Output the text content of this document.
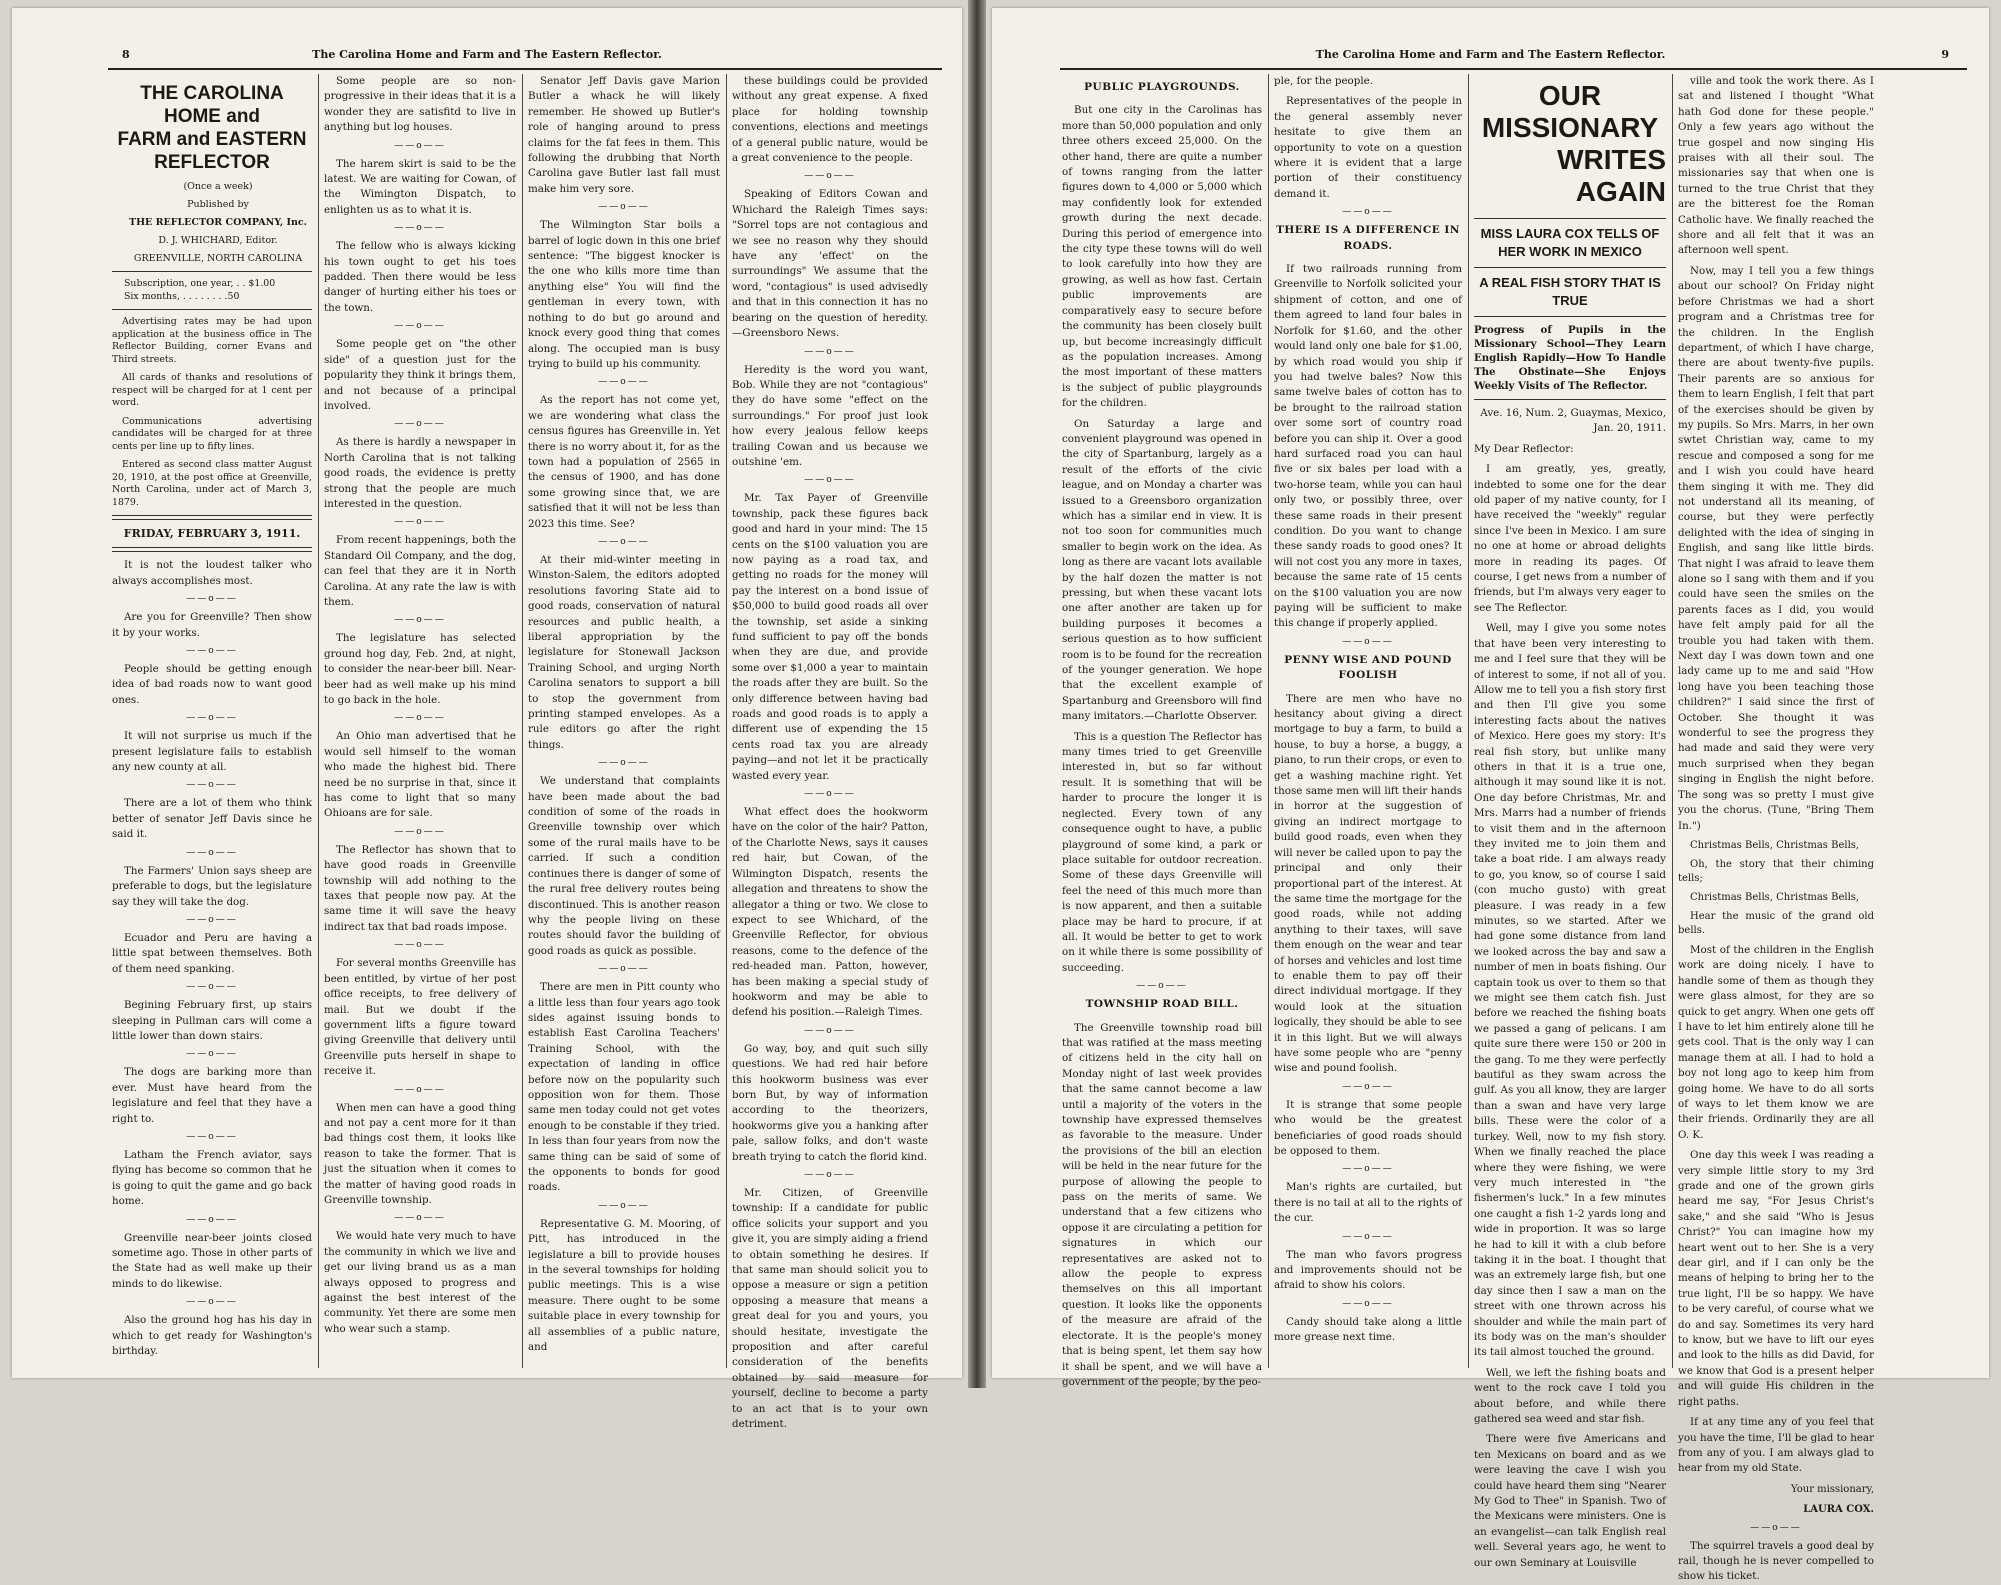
8	The Carolina Home and Farm and The Eastern Reflector.
THE CAROLINA HOME and
FARM and EASTERN
REFLECTOR

(Once a week)

Published by

THE REFLECTOR COMPANY, Inc.

D. J. WHICHARD, Editor.

GREENVILLE, NORTH CAROLINA

Subscription, one year, . . $1.00

Six months, . . . . . . . .50

Advertising rates may be had upon application at the business office in The Reflector Building, corner Evans and Third streets.

All cards of thanks and resolutions of respect will be charged for at 1 cent per word.

Communications advertising candidates will be charged for at three cents per line up to fifty lines.

Entered as second class matter August 20, 1910, at the post office at Greenville, North Carolina, under act of March 3, 1879.

FRIDAY, FEBRUARY 3, 1911.

It is not the loudest talker who always accomplishes most.

——o——

Are you for Greenville? Then show it by your works.

——o——

People should be getting enough idea of bad roads now to want good ones.

——o——

It will not surprise us much if the present legislature fails to establish any new county at all.

——o——

There are a lot of them who think better of senator Jeff Davis since he said it.

——o——

The Farmers' Union says sheep are preferable to dogs, but the legislature say they will take the dog.

——o——

Ecuador and Peru are having a little spat between themselves. Both of them need spanking.

——o——

Begining February first, up stairs sleeping in Pullman cars will come a little lower than down stairs.

——o——

The dogs are barking more than ever. Must have heard from the legislature and feel that they have a right to.

——o——

Latham the French aviator, says flying has become so common that he is going to quit the game and go back home.

——o——

Greenville near-beer joints closed sometime ago. Those in other parts of the State had as well make up their minds to do likewise.

——o——

Also the ground hog has his day in which to get ready for Washington's birthday.

Some people are so non-progressive in their ideas that it is a wonder they are satisfitd to live in anything but log houses.

——o——

The harem skirt is said to be the latest. We are waiting for Cowan, of the Wimington Dispatch, to enlighten us as to what it is.

——o——

The fellow who is always kicking his town ought to get his toes padded. Then there would be less danger of hurting either his toes or the town.

——o——

Some people get on "the other side" of a question just for the popularity they think it brings them, and not because of a principal involved.

——o——

As there is hardly a newspaper in North Carolina that is not talking good roads, the evidence is pretty strong that the people are much interested in the question.

——o——

From recent happenings, both the Standard Oil Company, and the dog, can feel that they are it in North Carolina. At any rate the law is with them.

——o——

The legislature has selected ground hog day, Feb. 2nd, at night, to consider the near-beer bill. Near-beer had as well make up his mind to go back in the hole.

——o——

An Ohio man advertised that he would sell himself to the woman who made the highest bid. There need be no surprise in that, since it has come to light that so many Ohioans are for sale.

——o——

The Reflector has shown that to have good roads in Greenville township will add nothing to the taxes that people now pay. At the same time it will save the heavy indirect tax that bad roads impose.

——o——

For several months Greenville has been entitled, by virtue of her post office receipts, to free delivery of mail. But we doubt if the government lifts a figure toward giving Greenville that delivery until Greenville puts herself in shape to receive it.

——o——

When men can have a good thing and not pay a cent more for it than bad things cost them, it looks like reason to take the former. That is just the situation when it comes to the matter of having good roads in Greenville township.

——o——

We would hate very much to have the community in which we live and get our living brand us as a man always opposed to progress and against the best interest of the community. Yet there are some men who wear such a stamp.

Senator Jeff Davis gave Marion Butler a whack he will likely remember. He showed up Butler's role of hanging around to press claims for the fat fees in them. This following the drubbing that North Carolina gave Butler last fall must make him very sore.

——o——

The Wilmington Star boils a barrel of logic down in this one brief sentence: "The biggest knocker is the one who kills more time than anything else" You will find the gentleman in every town, with nothing to do but go around and knock every good thing that comes along. The occupied man is busy trying to build up his community.

——o——

As the report has not come yet, we are wondering what class the census figures has Greenville in. Yet there is no worry about it, for as the town had a population of 2565 in the census of 1900, and has done some growing since that, we are satisfied that it will not be less than 2023 this time. See?

——o——

At their mid-winter meeting in Winston-Salem, the editors adopted resolutions favoring State aid to good roads, conservation of natural resources and public health, a liberal appropriation by the legislature for Stonewall Jackson Training School, and urging North Carolina senators to support a bill to stop the government from printing stamped envelopes. As a rule editors go after the right things.

——o——

We understand that complaints have been made about the bad condition of some of the roads in Greenville township over which some of the rural mails have to be carried. If such a condition continues there is danger of some of the rural free delivery routes being discontinued. This is another reason why the people living on these routes should favor the building of good roads as quick as possible.

——o——

There are men in Pitt county who a little less than four years ago took sides against issuing bonds to establish East Carolina Teachers' Training School, with the expectation of landing in office before now on the popularity such opposition won for them. Those same men today could not get votes enough to be constable if they tried. In less than four years from now the same thing can be said of some of the opponents to bonds for good roads.

——o——

Representative G. M. Mooring, of Pitt, has introduced in the legislature a bill to provide houses in the several townships for holding public meetings. This is a wise measure. There ought to be some suitable place in every township for all assemblies of a public nature, and

these buildings could be provided without any great expense. A fixed place for holding township conventions, elections and meetings of a general public nature, would be a great convenience to the people.

——o——

Speaking of Editors Cowan and Whichard the Raleigh Times says: "Sorrel tops are not contagious and we see no reason why they should have any 'effect' on the surroundings" We assume that the word, "contagious" is used advisedly and that in this connection it has no bearing on the question of heredity.—Greensboro News.

——o——

Heredity is the word you want, Bob. While they are not "contagious" they do have some "effect on the surroundings." For proof just look how every jealous fellow keeps trailing Cowan and us because we outshine 'em.

——o——

Mr. Tax Payer of Greenville township, pack these figures back good and hard in your mind: The 15 cents on the $100 valuation you are now paying as a road tax, and getting no roads for the money will pay the interest on a bond issue of $50,000 to build good roads all over the township, set aside a sinking fund sufficient to pay off the bonds when they are due, and provide some over $1,000 a year to maintain the roads after they are built. So the only difference between having bad roads and good roads is to apply a different use of expending the 15 cents road tax you are already paying—and not let it be practically wasted every year.

——o——

What effect does the hookworm have on the color of the hair? Patton, of the Charlotte News, says it causes red hair, but Cowan, of the Wilmington Dispatch, resents the allegation and threatens to show the allegator a thing or two. We close to expect to see Whichard, of the Greenville Reflector, for obvious reasons, come to the defence of the red-headed man. Patton, however, has been making a special study of hookworm and may be able to defend his position.—Raleigh Times.

——o——

Go way, boy, and quit such silly questions. We had red hair before this hookworm business was ever born But, by way of information according to the theorizers, hookworms give you a hanking after pale, sallow folks, and don't waste breath trying to catch the florid kind.

——o——

Mr. Citizen, of Greenville township: If a candidate for public office solicits your support and you give it, you are simply aiding a friend to obtain something he desires. If that same man should solicit you to oppose a measure or sign a petition opposing a measure that means a great deal for you and yours, you should hesitate, investigate the proposition and after careful consideration of the benefits obtained by said measure for yourself, decline to become a party to an act that is to your own detriment.

The Carolina Home and Farm and The Eastern Reflector.	9
PUBLIC PLAYGROUNDS.

But one city in the Carolinas has more than 50,000 population and only three others exceed 25,000. On the other hand, there are quite a number of towns ranging from the latter figures down to 4,000 or 5,000 which may confidently look for extended growth during the next decade. During this period of emergence into the city type these towns will do well to look carefully into how they are growing, as well as how fast. Certain public improvements are comparatively easy to secure before the community has been closely built up, but become increasingly difficult as the population increases. Among the most important of these matters is the subject of public playgrounds for the children.

On Saturday a large and convenient playground was opened in the city of Spartanburg, largely as a result of the efforts of the civic league, and on Monday a charter was issued to a Greensboro organization which has a similar end in view. It is not too soon for communities much smaller to begin work on the idea. As long as there are vacant lots available by the half dozen the matter is not pressing, but when these vacant lots one after another are taken up for building purposes it becomes a serious question as to how sufficient room is to be found for the recreation of the younger generation. We hope that the excellent example of Spartanburg and Greensboro will find many imitators.—Charlotte Observer.

This is a question The Reflector has many times tried to get Greenville interested in, but so far without result. It is something that will be harder to procure the longer it is neglected. Every town of any consequence ought to have, a public playground of some kind, a park or place suitable for outdoor recreation. Some of these days Greenville will feel the need of this much more than is now apparent, and then a suitable place may be hard to procure, if at all. It would be better to get to work on it while there is some possibility of succeeding.

——o——
TOWNSHIP ROAD BILL.

The Greenville township road bill that was ratified at the mass meeting of citizens held in the city hall on Monday night of last week provides that the same cannot become a law until a majority of the voters in the township have expressed themselves as favorable to the measure. Under the provisions of the bill an election will be held in the near future for the purpose of allowing the people to pass on the merits of same. We understand that a few citizens who oppose it are circulating a petition for signatures in which our representatives are asked not to allow the people to express themselves on this all important question. It looks like the opponents of the measure are afraid of the electorate. It is the people's money that is being spent, let them say how it shall be spent, and we will have a government of the people, by the peo-

ple, for the people.

Representatives of the people in the general assembly never hesitate to give them an opportunity to vote on a question where it is evident that a large portion of their constituency demand it.

——o——
THERE IS A DIFFERENCE IN ROADS.

If two railroads running from Greenville to Norfolk solicited your shipment of cotton, and one of them agreed to land four bales in Norfolk for $1.60, and the other would land only one bale for $1.00, by which road would you ship if you had twelve bales? Now this same twelve bales of cotton has to be brought to the railroad station over some sort of country road before you can ship it. Over a good hard surfaced road you can haul five or six bales per load with a two-horse team, while you can haul only two, or possibly three, over these same roads in their present condition. Do you want to change these sandy roads to good ones? It will not cost you any more in taxes, because the same rate of 15 cents on the $100 valuation you are now paying will be sufficient to make this change if properly applied.

——o——
PENNY WISE AND POUND FOOLISH

There are men who have no hesitancy about giving a direct mortgage to buy a farm, to build a house, to buy a horse, a buggy, a piano, to run their crops, or even to get a washing machine right. Yet those same men will lift their hands in horror at the suggestion of giving an indirect mortgage to build good roads, even when they will never be called upon to pay the principal and only their proportional part of the interest. At the same time the mortgage for the good roads, while not adding anything to their taxes, will save them enough on the wear and tear of horses and vehicles and lost time to enable them to pay off their direct individual mortgage. If they would look at the situation logically, they should be able to see it in this light. But we will always have some people who are "penny wise and pound foolish.

——o——

It is strange that some people who would be the greatest beneficiaries of good roads should be opposed to them.

——o——

Man's rights are curtailed, but there is no tail at all to the rights of the cur.

——o——

The man who favors progress and improvements should not be afraid to show his colors.

——o——

Candy should take along a little more grease next time.

OUR MISSIONARY
WRITES AGAIN
MISS LAURA COX TELLS OF HER WORK IN MEXICO
A REAL FISH STORY THAT IS TRUE
Progress of Pupils in the Missionary School—They Learn English Rapidly—How To Handle The Obstinate—She Enjoys Weekly Visits of The Reflector.

Ave. 16, Num. 2, Guaymas, Mexico, Jan. 20, 1911.

My Dear Reflector:

I am greatly, yes, greatly, indebted to some one for the dear old paper of my native county, for I have received the "weekly" regular since I've been in Mexico. I am sure no one at home or abroad delights more in reading its pages. Of course, I get news from a number of friends, but I'm always very eager to see The Reflector.

Well, may I give you some notes that have been very interesting to me and I feel sure that they will be of interest to some, if not all of you. Allow me to tell you a fish story first and then I'll give you some interesting facts about the natives of Mexico. Here goes my story: It's real fish story, but unlike many others in that it is a true one, although it may sound like it is not. One day before Christmas, Mr. and Mrs. Marrs had a number of friends to visit them and in the afternoon they invited me to join them and take a boat ride. I am always ready to go, you know, so of course I said (con mucho gusto) with great pleasure. I was ready in a few minutes, so we started. After we had gone some distance from land we looked across the bay and saw a number of men in boats fishing. Our captain took us over to them so that we might see them catch fish. Just before we reached the fishing boats we passed a gang of pelicans. I am quite sure there were 150 or 200 in the gang. To me they were perfectly bautiful as they swam across the gulf. As you all know, they are larger than a swan and have very large bills. These were the color of a turkey. Well, now to my fish story. When we finally reached the place where they were fishing, we were very much interested in "the fishermen's luck." In a few minutes one caught a fish 1-2 yards long and wide in proportion. It was so large he had to kill it with a club before taking it in the boat. I thought that was an extremely large fish, but one day since then I saw a man on the street with one thrown across his shoulder and while the main part of its body was on the man's shoulder its tail almost touched the ground.

Well, we left the fishing boats and went to the rock cave I told you about before, and while there gathered sea weed and star fish.

There were five Americans and ten Mexicans on board and as we were leaving the cave I wish you could have heard them sing "Nearer My God to Thee" in Spanish. Two of the Mexicans were ministers. One is an evangelist—can talk English real well. Several years ago, he went to our own Seminary at Louisville

ville and took the work there. As I sat and listened I thought "What hath God done for these people." Only a few years ago without the true gospel and now singing His praises with all their soul. The missionaries say that when one is turned to the true Christ that they are the bitterest foe the Roman Catholic have. We finally reached the shore and all felt that it was an afternoon well spent.

Now, may I tell you a few things about our school? On Friday night before Christmas we had a short program and a Christmas tree for the children. In the English department, of which I have charge, there are about twenty-five pupils. Their parents are so anxious for them to learn English, I felt that part of the exercises should be given by my pupils. So Mrs. Marrs, in her own swtet Christian way, came to my rescue and composed a song for me and I wish you could have heard them singing it with me. They did not understand all its meaning, of course, but they were perfectly delighted with the idea of singing in English, and sang like little birds. That night I was afraid to leave them alone so I sang with them and if you could have seen the smiles on the parents faces as I did, you would have felt amply paid for all the trouble you had taken with them. Next day I was down town and one lady came up to me and said "How long have you been teaching those children?" I said since the first of October. She thought it was wonderful to see the progress they had made and said they were very much surprised when they began singing in English the night before. The song was so pretty I must give you the chorus. (Tune, "Bring Them In.")

Christmas Bells, Christmas Bells,

Oh, the story that their chiming tells;

Christmas Bells, Christmas Bells,

Hear the music of the grand old bells.

Most of the children in the English work are doing nicely. I have to handle some of them as though they were glass almost, for they are so quick to get angry. When one gets off I have to let him entirely alone till he gets cool. That is the only way I can manage them at all. I had to hold a boy not long ago to keep him from going home. We have to do all sorts of ways to let them know we are their friends. Ordinarily they are all O. K.

One day this week I was reading a very simple little story to my 3rd grade and one of the grown girls heard me say, "For Jesus Christ's sake," and she said "Who is Jesus Christ?" You can imagine how my heart went out to her. She is a very dear girl, and if I can only be the means of helping to bring her to the true light, I'll be so happy. We have to be very careful, of course what we do and say. Sometimes its very hard to know, but we have to lift our eyes and look to the hills as did David, for we know that God is a present helper and will guide His children in the right paths.

If at any time any of you feel that you have the time, I'll be glad to hear from any of you. I am always glad to hear from my old State.

Your missionary,

LAURA COX.

——o——

The squirrel travels a good deal by rail, though he is never compelled to show his ticket.
